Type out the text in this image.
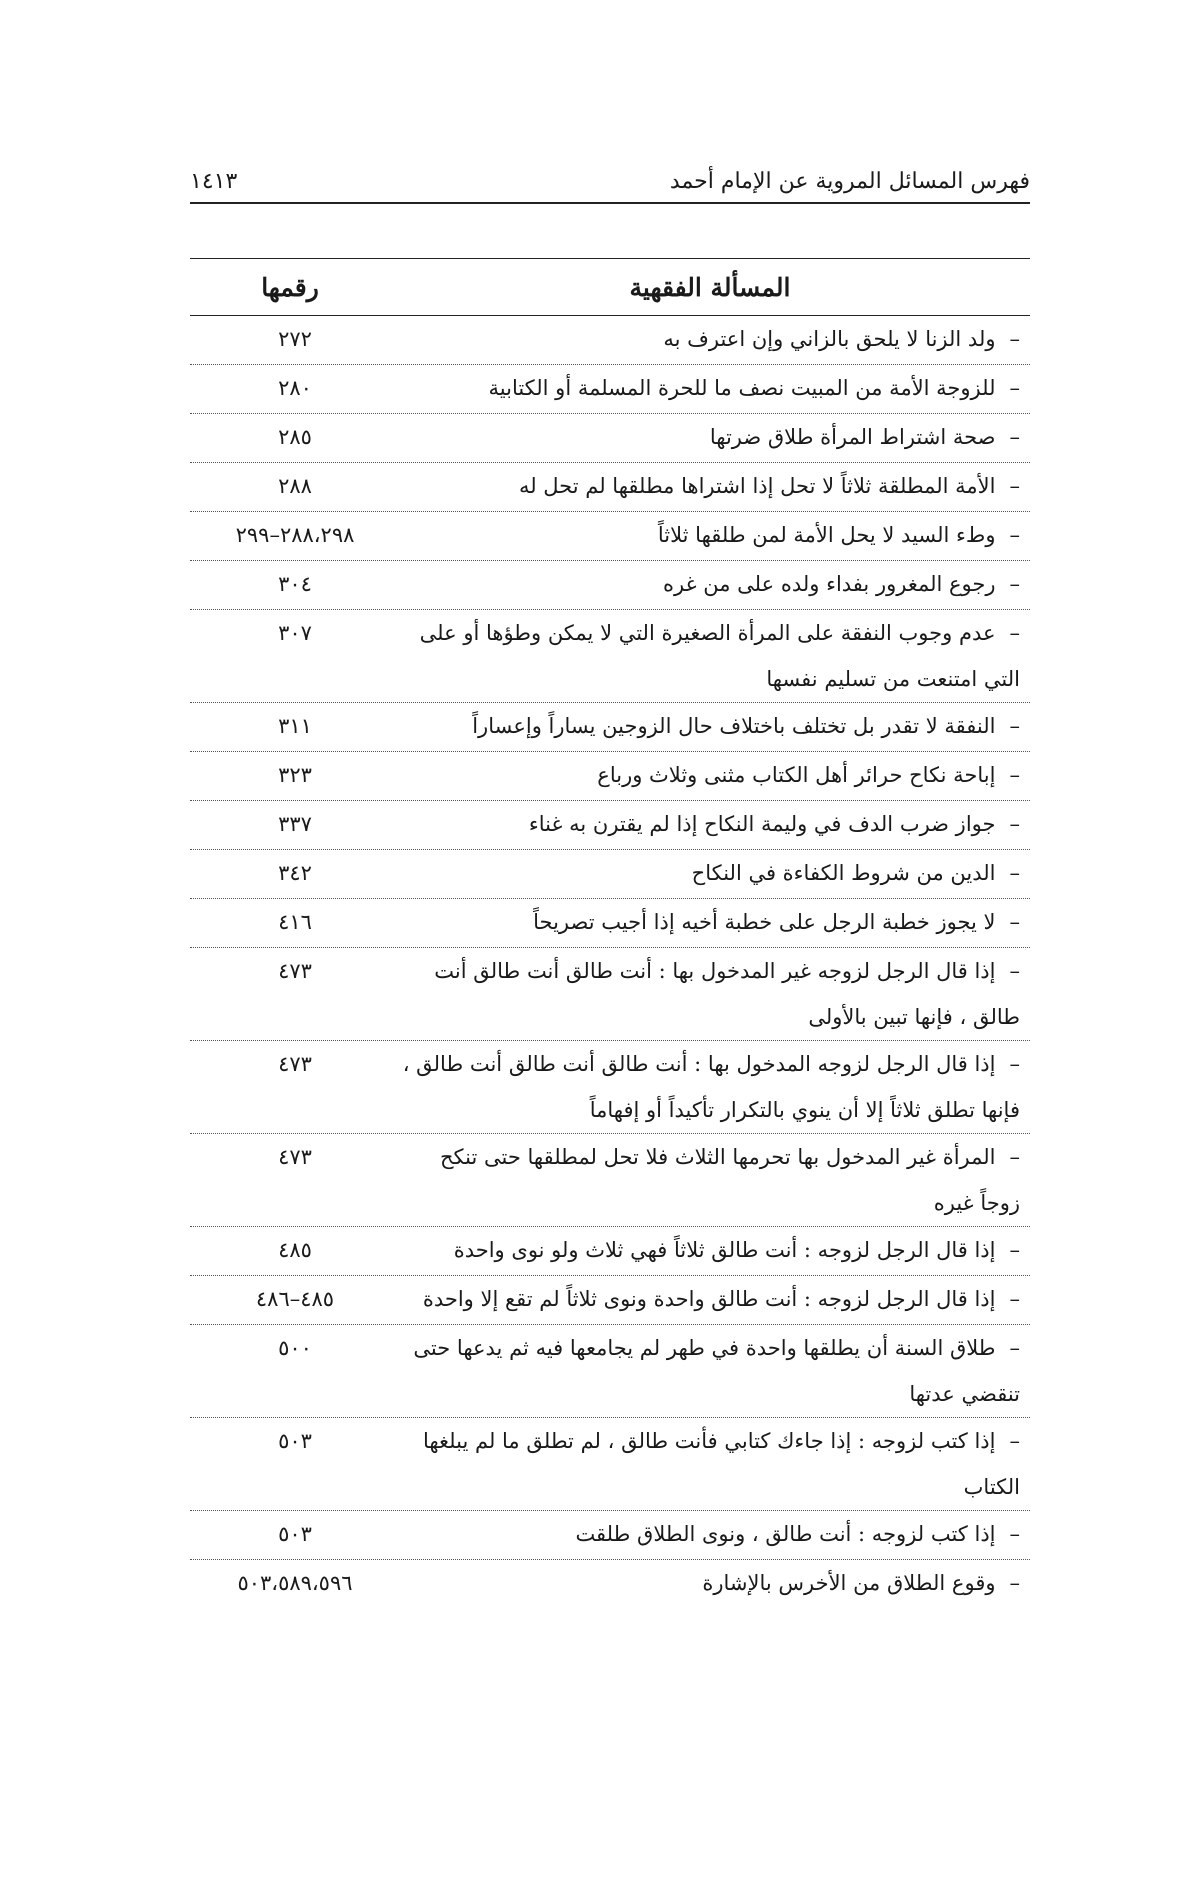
فهرس المسائل المروية عن الإمام أحمد
١٤١٣
المسألة الفقهية
رقمها
–ولد الزنا لا يلحق بالزاني وإن اعترف به
٢٧٢
–للزوجة الأمة من المبيت نصف ما للحرة المسلمة أو الكتابية
٢٨٠
–صحة اشتراط المرأة طلاق ضرتها
٢٨٥
–الأمة المطلقة ثلاثاً لا تحل إذا اشتراها مطلقها لم تحل له
٢٨٨
–وطء السيد لا يحل الأمة لمن طلقها ثلاثاً
٢٨٨،٢٩٨–٢٩٩
–رجوع المغرور بفداء ولده على من غره
٣٠٤
–عدم وجوب النفقة على المرأة الصغيرة التي لا يمكن وطؤها أو على التي امتنعت من تسليم نفسها
٣٠٧
–النفقة لا تقدر بل تختلف باختلاف حال الزوجين يساراً وإعساراً
٣١١
–إباحة نكاح حرائر أهل الكتاب مثنى وثلاث ورباع
٣٢٣
–جواز ضرب الدف في وليمة النكاح إذا لم يقترن به غناء
٣٣٧
–الدين من شروط الكفاءة في النكاح
٣٤٢
–لا يجوز خطبة الرجل على خطبة أخيه إذا أجيب تصريحاً
٤١٦
–إذا قال الرجل لزوجه غير المدخول بها : أنت طالق أنت طالق أنت طالق ، فإنها تبين بالأولى
٤٧٣
–إذا قال الرجل لزوجه المدخول بها : أنت طالق أنت طالق أنت طالق ، فإنها تطلق ثلاثاً إلا أن ينوي بالتكرار تأكيداً أو إفهاماً
٤٧٣
–المرأة غير المدخول بها تحرمها الثلاث فلا تحل لمطلقها حتى تنكح زوجاً غيره
٤٧٣
–إذا قال الرجل لزوجه : أنت طالق ثلاثاً فهي ثلاث ولو نوى واحدة
٤٨٥
–إذا قال الرجل لزوجه : أنت طالق واحدة ونوى ثلاثاً لم تقع إلا واحدة
٤٨٥–٤٨٦
–طلاق السنة أن يطلقها واحدة في طهر لم يجامعها فيه ثم يدعها حتى تنقضي عدتها
٥٠٠
–إذا كتب لزوجه : إذا جاءك كتابي فأنت طالق ، لم تطلق ما لم يبلغها الكتاب
٥٠٣
–إذا كتب لزوجه : أنت طالق ، ونوى الطلاق طلقت
٥٠٣
–وقوع الطلاق من الأخرس بالإشارة
٥٠٣،٥٨٩،٥٩٦
